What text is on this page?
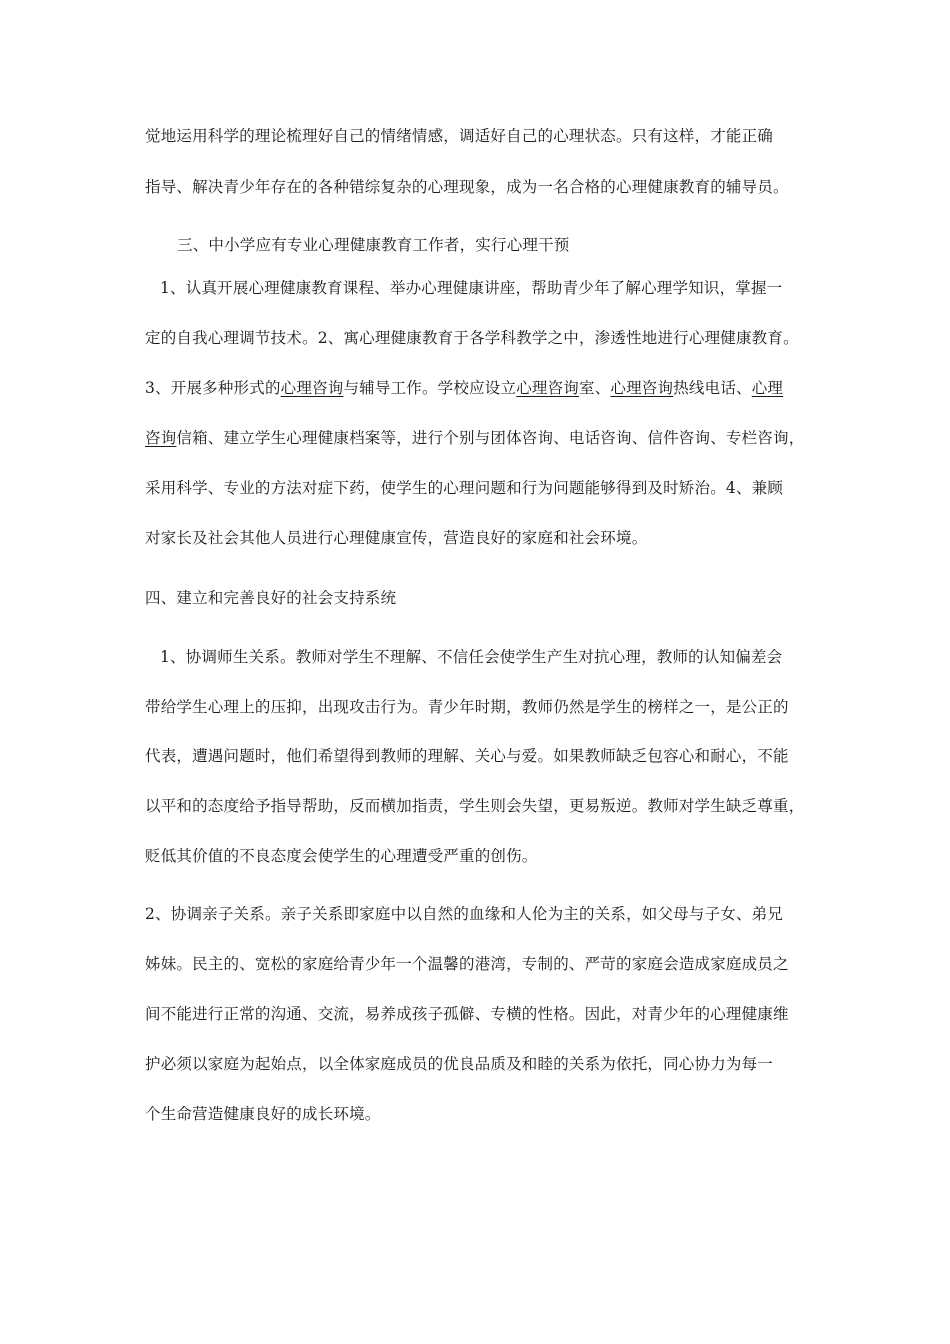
觉地运用科学的理论梳理好自己的情绪情感，调适好自己的心理状态。只有这样，才能正确
指导、解决青少年存在的各种错综复杂的心理现象，成为一名合格的心理健康教育的辅导员。
三、中小学应有专业心理健康教育工作者，实行心理干预
1、认真开展心理健康教育课程、举办心理健康讲座，帮助青少年了解心理学知识，掌握一
定的自我心理调节技术。2、寓心理健康教育于各学科教学之中，渗透性地进行心理健康教育。
3、开展多种形式的心理咨询与辅导工作。学校应设立心理咨询室、心理咨询热线电话、心理
咨询信箱、建立学生心理健康档案等，进行个别与团体咨询、电话咨询、信件咨询、专栏咨询，
采用科学、专业的方法对症下药，使学生的心理问题和行为问题能够得到及时矫治。4、兼顾
对家长及社会其他人员进行心理健康宣传，营造良好的家庭和社会环境。
四、建立和完善良好的社会支持系统
1、协调师生关系。教师对学生不理解、不信任会使学生产生对抗心理，教师的认知偏差会
带给学生心理上的压抑，出现攻击行为。青少年时期，教师仍然是学生的榜样之一，是公正的
代表，遭遇问题时，他们希望得到教师的理解、关心与爱。如果教师缺乏包容心和耐心，不能
以平和的态度给予指导帮助，反而横加指责，学生则会失望，更易叛逆。教师对学生缺乏尊重，
贬低其价值的不良态度会使学生的心理遭受严重的创伤。
2、协调亲子关系。亲子关系即家庭中以自然的血缘和人伦为主的关系，如父母与子女、弟兄
姊妹。民主的、宽松的家庭给青少年一个温馨的港湾，专制的、严苛的家庭会造成家庭成员之
间不能进行正常的沟通、交流，易养成孩子孤僻、专横的性格。因此，对青少年的心理健康维
护必须以家庭为起始点，以全体家庭成员的优良品质及和睦的关系为依托，同心协力为每一
个生命营造健康良好的成长环境。
